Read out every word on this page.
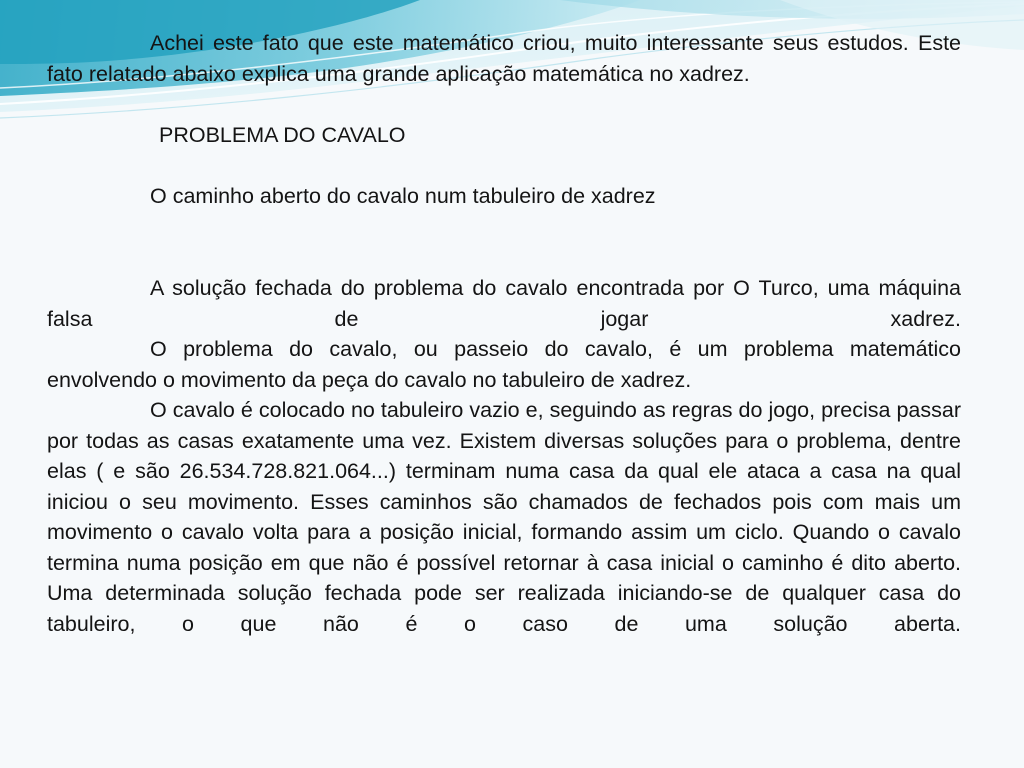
Achei este fato que este matemático criou, muito interessante seus estudos. Este fato relatado abaixo explica uma grande aplicação matemática no xadrez.

PROBLEMA DO CAVALO

O caminho aberto do cavalo num tabuleiro de xadrez

A solução fechada do problema do cavalo encontrada por O Turco, uma máquina falsa de jogar xadrez.

O problema do cavalo, ou passeio do cavalo, é um problema matemático envolvendo o movimento da peça do cavalo no tabuleiro de xadrez.

O cavalo é colocado no tabuleiro vazio e, seguindo as regras do jogo, precisa passar por todas as casas exatamente uma vez. Existem diversas soluções para o problema, dentre elas ( e são 26.534.728.821.064...) terminam numa casa da qual ele ataca a casa na qual iniciou o seu movimento. Esses caminhos são chamados de fechados pois com mais um movimento o cavalo volta para a posição inicial, formando assim um ciclo. Quando o cavalo termina numa posição em que não é possível retornar à casa inicial o caminho é dito aberto. Uma determinada solução fechada pode ser realizada iniciando-se de qualquer casa do tabuleiro, o que não é o caso de uma solução aberta.
